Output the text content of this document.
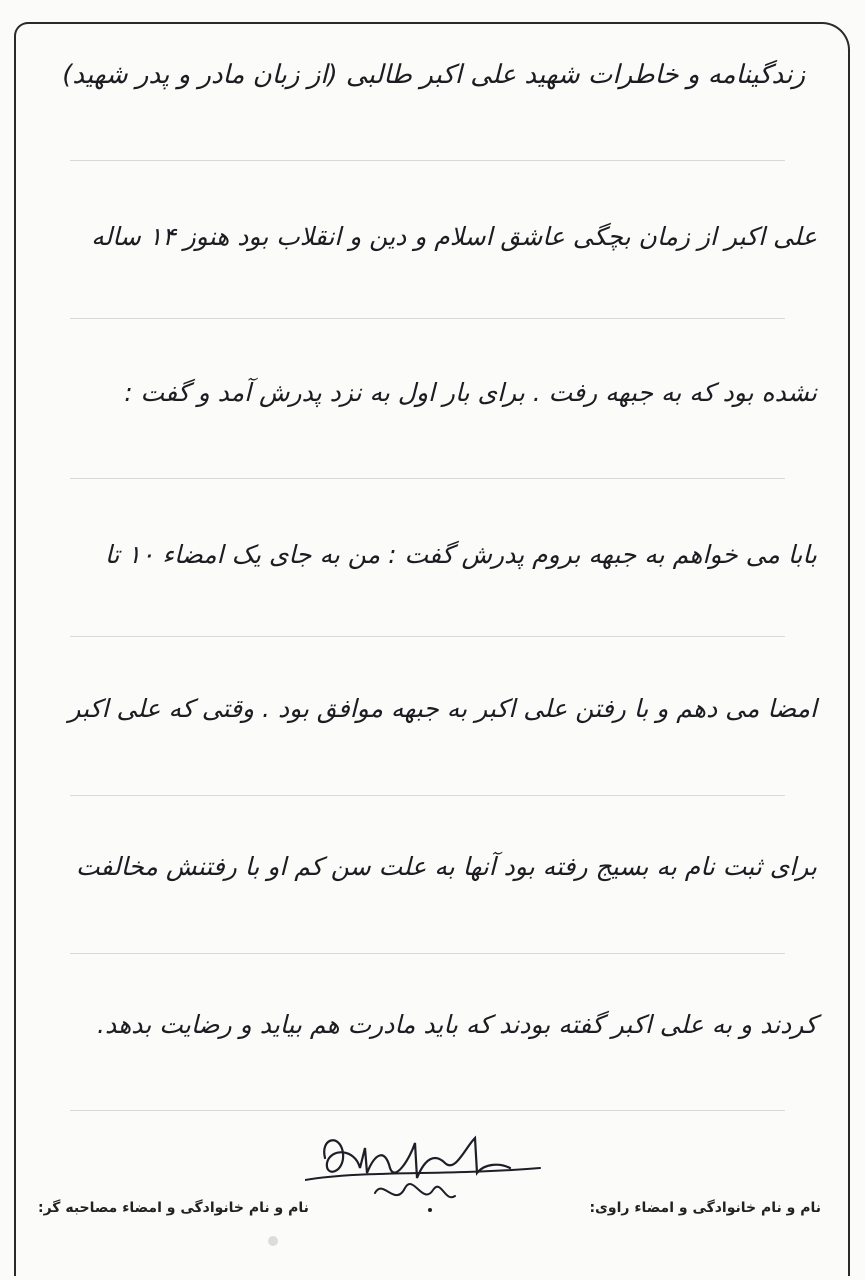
زندگینامه و خاطرات شهید علی اکبر طالبی (از زبان مادر و پدر شهید)
علی اکبر از زمان بچگی عاشق اسلام و دین و انقلاب بود هنوز ۱۴ ساله
نشده بود که به جبهه رفت . برای بار اول به نزد پدرش آمد و گفت :
بابا می خواهم به جبهه بروم پدرش گفت : من به جای یک امضاء ۱۰ تا
امضا می دهم و با رفتن علی اکبر به جبهه موافق بود . وقتی که علی اکبر
برای ثبت نام به بسیج رفته بود آنها به علت سن کم او با رفتنش مخالفت
کردند و به علی اکبر گفته بودند که باید مادرت هم بیاید و رضایت بدهد.
نام و نام خانوادگی و امضاء مصاحبه گر:	نام و نام خانوادگی و امضاء راوی:
